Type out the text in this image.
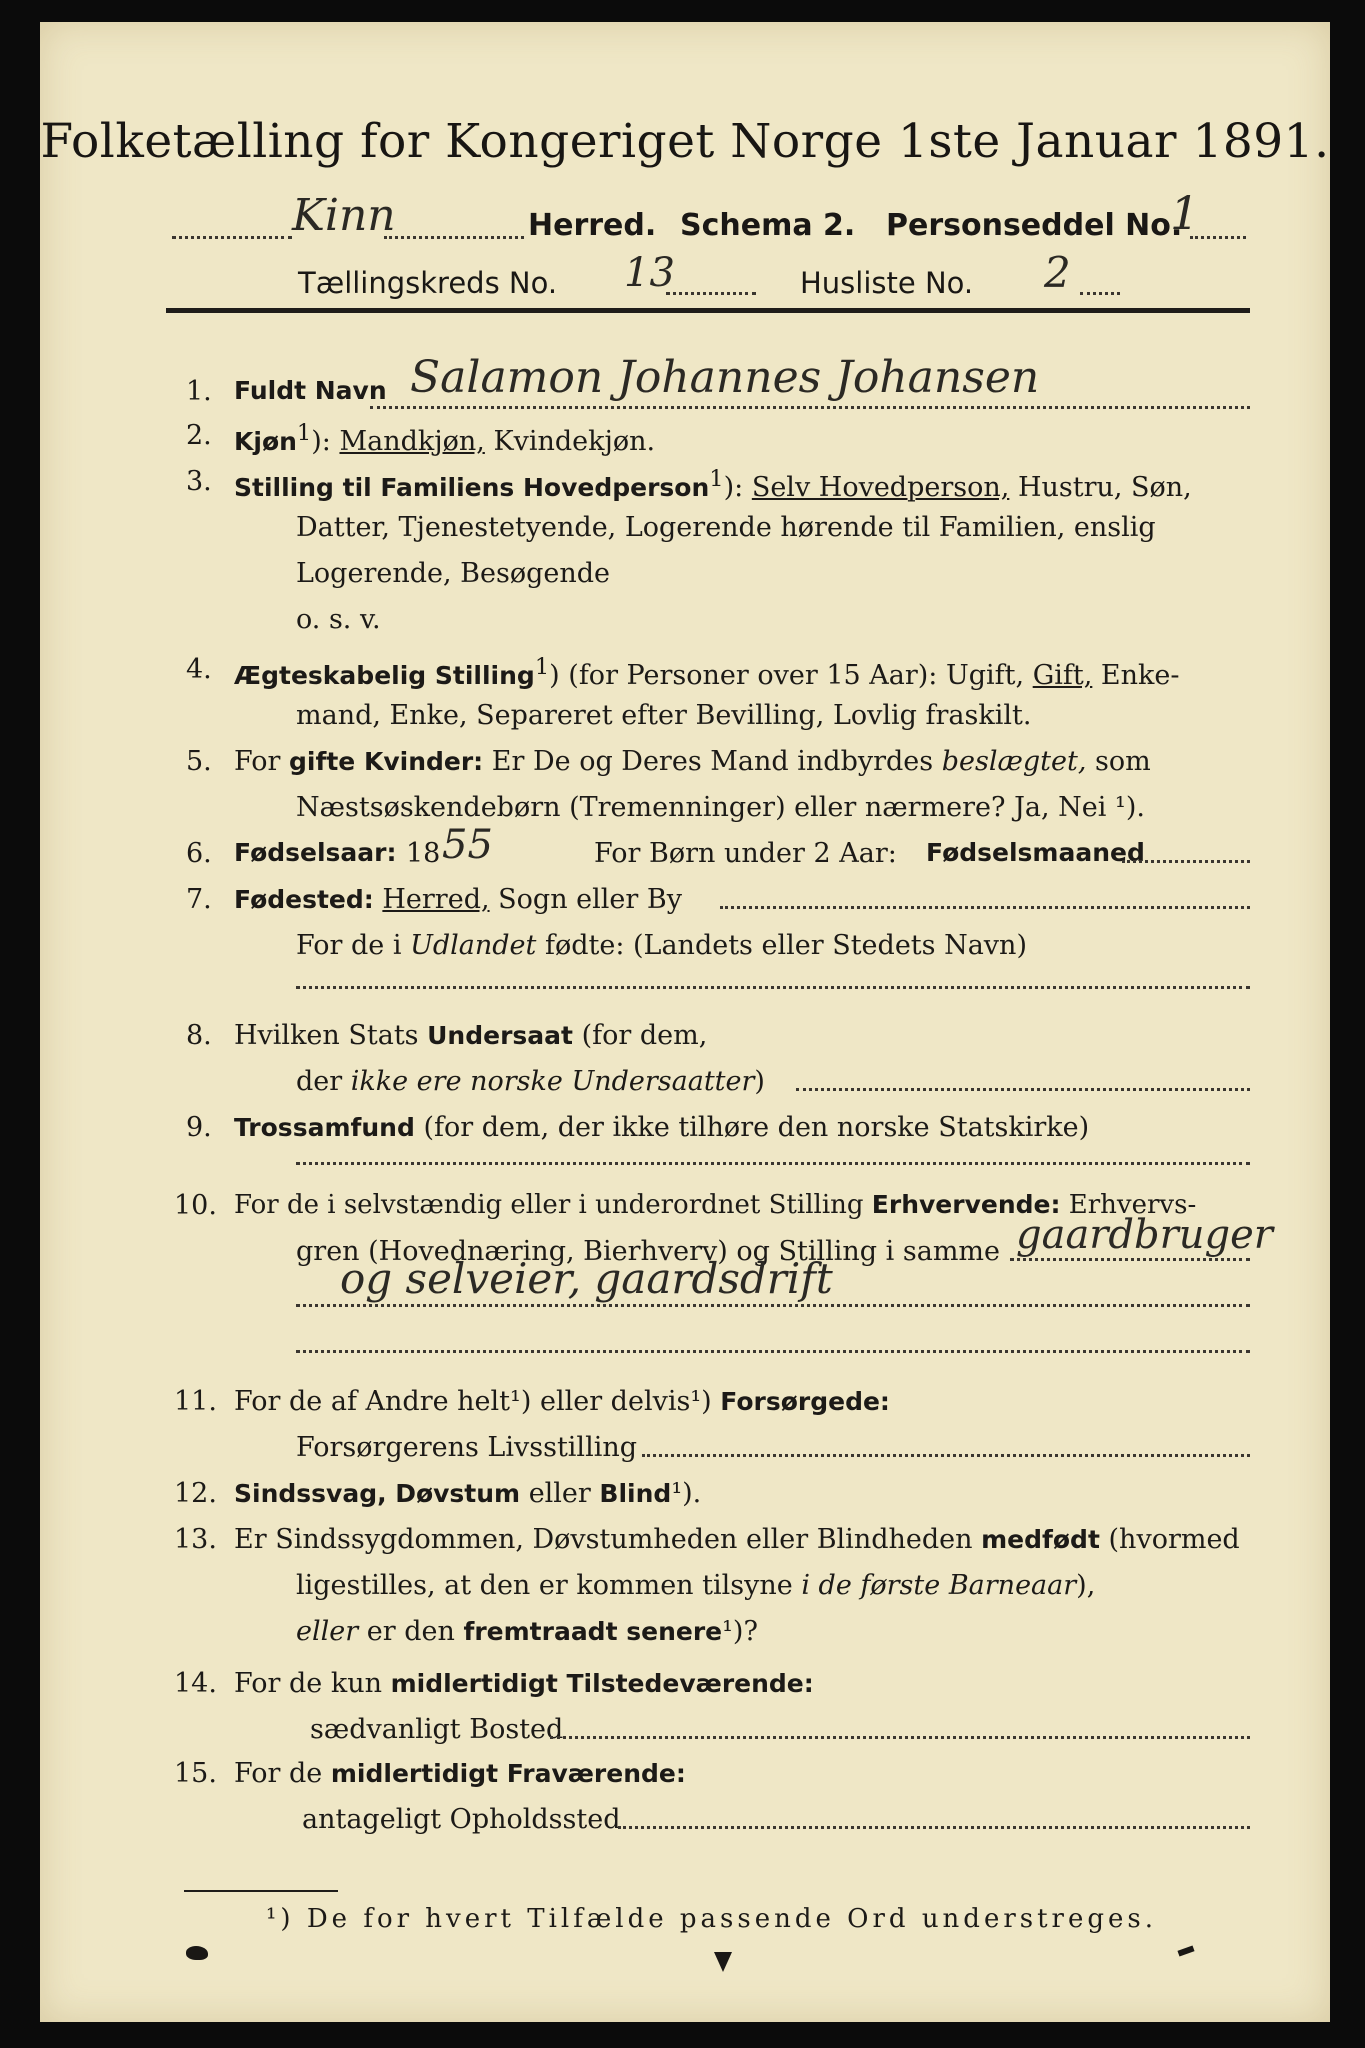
Folketælling for Kongeriget Norge 1ste Januar 1891.
Kinn	Herred. Schema 2. Personseddel No.
1
Tællingskreds No. 13	Husliste No. 2
1. Fuldt Navn Salamon Johannes Johansen
2. Kjøn$^1$): Mandkjøn, Kvindekjøn.
3. Stilling til Familiens Hovedperson$^1$): Selv Hovedperson, Hustru, Søn,
Datter, Tjenestetyende, Logerende hørende til Familien, enslig
Logerende, Besøgende
o. s. v.
4. Ægteskabelig Stilling$^1$) (for Personer over 15 Aar): Ugift, Gift, Enke-
mand, Enke, Separeret efter Bevilling, Lovlig fraskilt.
5. For gifte Kvinder: Er De og Deres Mand indbyrdes beslægtet, som
Næstsøskendebørn (Tremenninger) eller nærmere? Ja, Nei ¹).
6. Fødselsaar: 18 55	For Børn under 2 Aar: Fødselsmaaned
7. Fødested: Herred, Sogn eller By
For de i Udlandet fødte: (Landets eller Stedets Navn)
8. Hvilken Stats Undersaat (for dem,
der ikke ere norske Undersaatter)
9. Trossamfund (for dem, der ikke tilhøre den norske Statskirke)
10. For de i selvstændig eller i underordnet Stilling Erhvervende: Erhvervs-
gren (Hovednæring, Bierhverv) og Stilling i samme gaardbruger
og selveier, gaardsdrift
11. For de af Andre helt¹) eller delvis¹) Forsørgede:
Forsørgerens Livsstilling
12. Sindssvag, Døvstum eller Blind¹).
13. Er Sindssygdommen, Døvstumheden eller Blindheden medfødt (hvormed
ligestilles, at den er kommen tilsyne i de første Barneaar),
eller er den fremtraadt senere¹)?
14. For de kun midlertidigt Tilstedeværende:
sædvanligt Bosted
15. For de midlertidigt Fraværende:
antageligt Opholdssted
¹) De for hvert Tilfælde passende Ord understreges.
